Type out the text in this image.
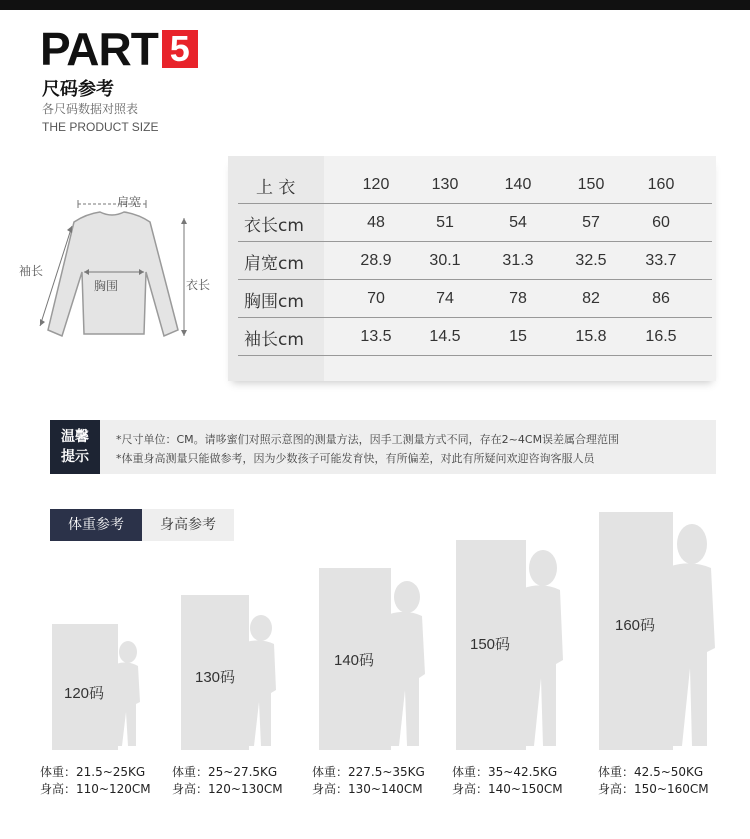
PART 5
尺码参考
各尺码数据对照表
THE PRODUCT SIZE
肩宽
袖长
胸围	衣长
上 衣	120	130	140	150	160
衣长cm	48	51	54	57	60
肩宽cm	28.9	30.1	31.3	32.5	33.7
胸围cm	70	74	78	82	86
袖长cm	13.5	14.5	15	15.8	16.5
温馨
提示
*尺寸单位：CM。请哆蜜们对照示意图的测量方法，因手工测量方式不同，存在2~4CM误差属合理范围
*体重身高测量只能做参考，因为少数孩子可能发育快，有所偏差，对此有所疑问欢迎咨询客服人员
体重参考	身高参考
120码
体重：21.5~25KG
身高：110~120CM
130码
体重：25~27.5KG
身高：120~130CM
140码
体重：227.5~35KG
身高：130~140CM
150码
体重：35~42.5KG
身高：140~150CM
160码
体重：42.5~50KG
身高：150~160CM
